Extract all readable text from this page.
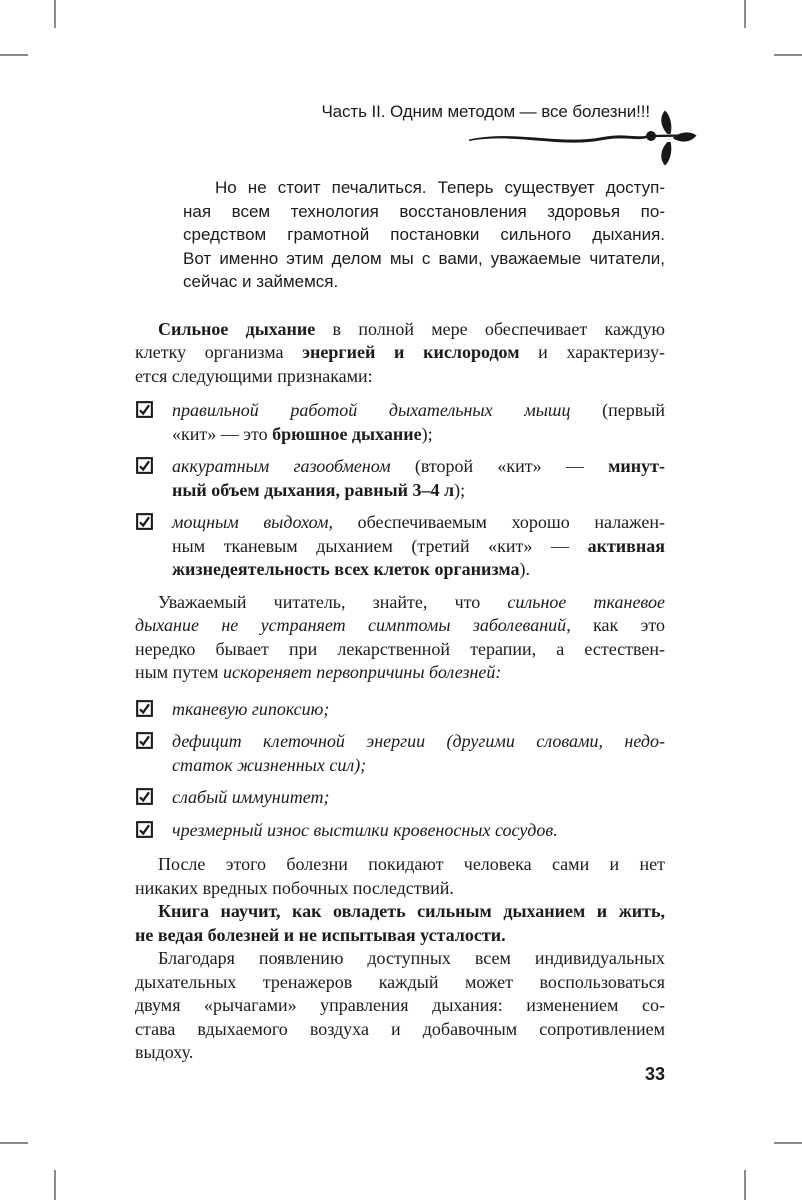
Часть II. Одним методом — все болезни!!!
Но не стоит печалиться. Теперь существует доступ-
ная всем технология восстановления здоровья по-
средством грамотной постановки сильного дыхания.
Вот именно этим делом мы с вами, уважаемые читатели,
сейчас и займемся.
Сильное дыхание в полной мере обеспечивает каждую
клетку организма энергией и кислородом и характеризу-
ется следующими признаками:
правильной работой дыхательных мышц (первый
«кит» — это брюшное дыхание);
аккуратным газообменом (второй «кит» — минут-
ный объем дыхания, равный 3–4 л);
мощным выдохом, обеспечиваемым хорошо налажен-
ным тканевым дыханием (третий «кит» — активная
жизнедеятельность всех клеток организма).
Уважаемый читатель, знайте, что сильное тканевое
дыхание не устраняет симптомы заболеваний, как это
нередко бывает при лекарственной терапии, а естествен-
ным путем искореняет первопричины болезней:
тканевую гипоксию;
дефицит клеточной энергии (другими словами, недо-
статок жизненных сил);
слабый иммунитет;
чрезмерный износ выстилки кровеносных сосудов.
После этого болезни покидают человека сами и нет
никаких вредных побочных последствий.
Книга научит, как овладеть сильным дыханием и жить,
не ведая болезней и не испытывая усталости.
Благодаря появлению доступных всем индивидуальных
дыхательных тренажеров каждый может воспользоваться
двумя «рычагами» управления дыхания: изменением со-
става вдыхаемого воздуха и добавочным сопротивлением
выдоху.
33
